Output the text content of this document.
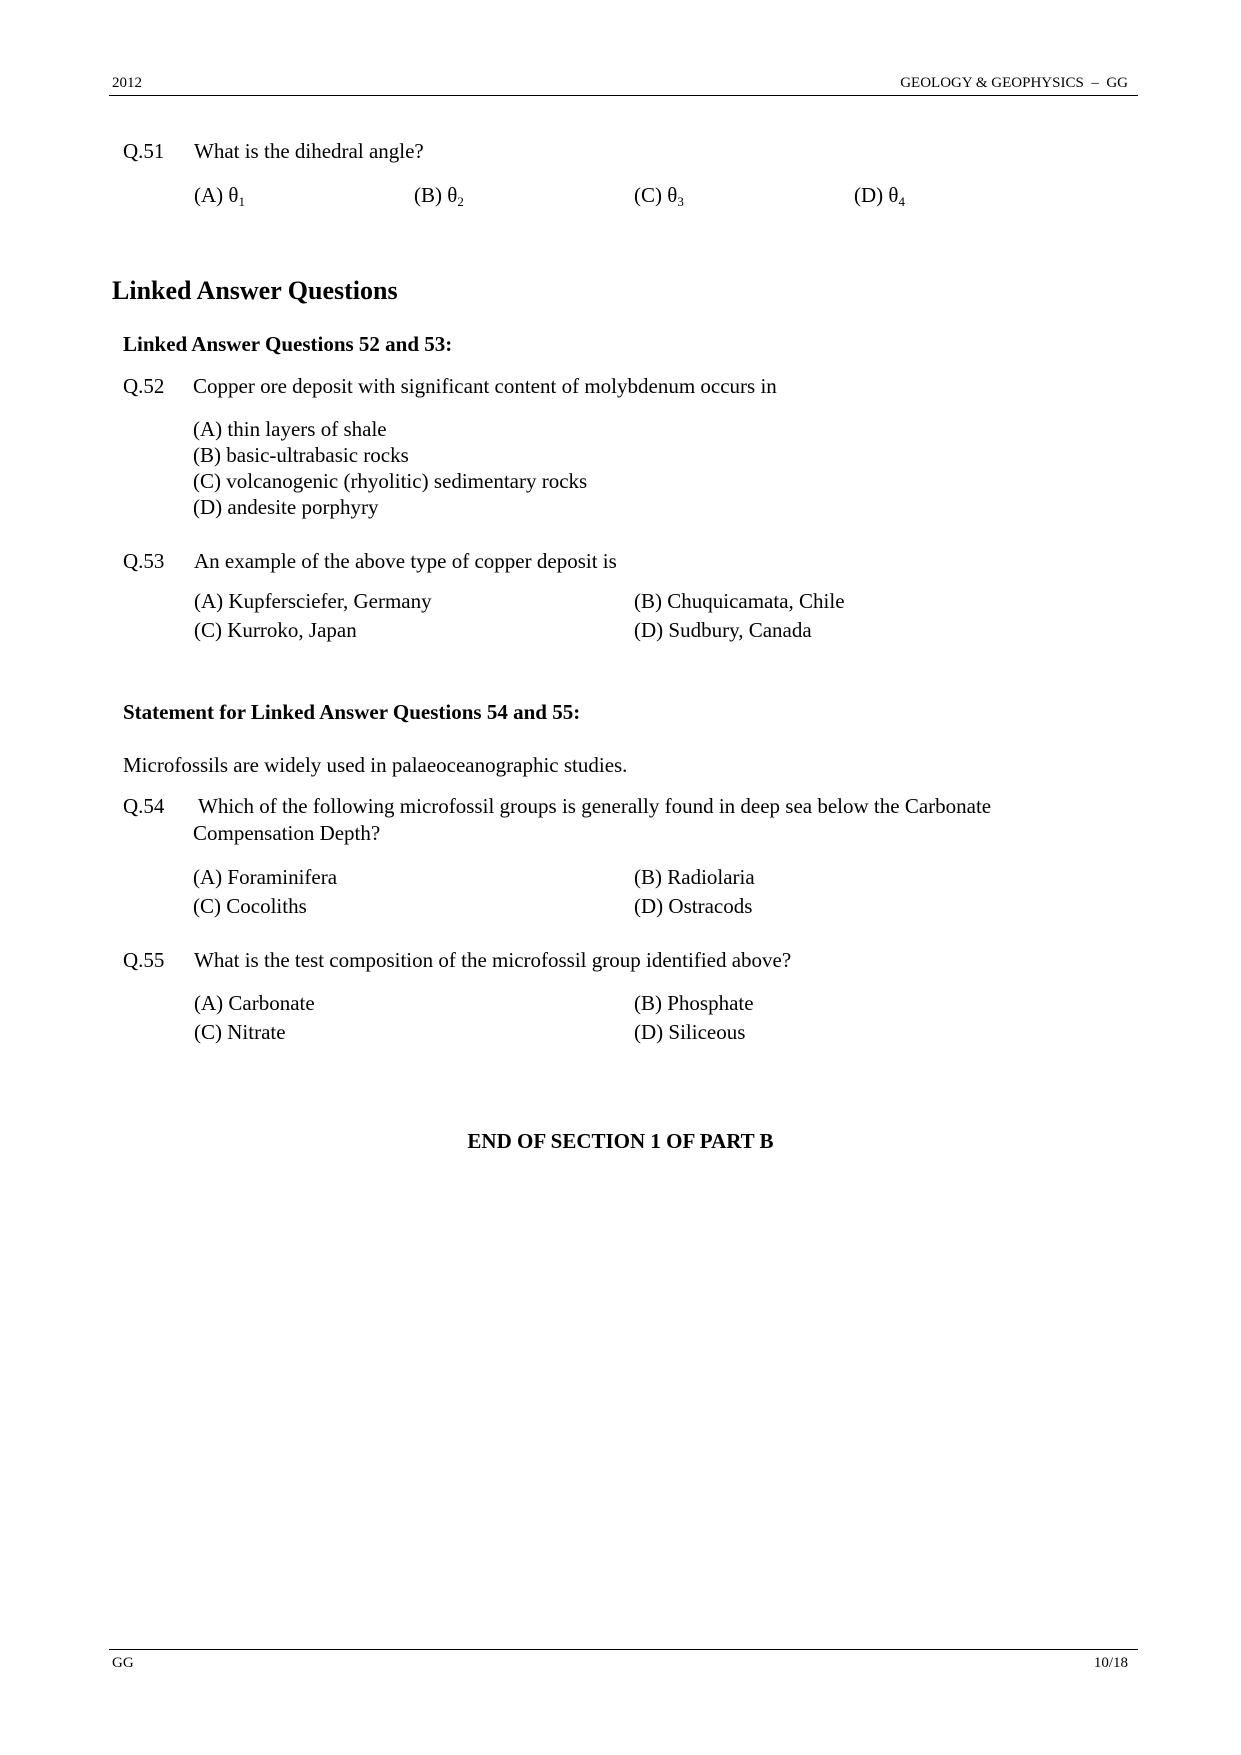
2012	GEOLOGY & GEOPHYSICS  –  GG
Q.51 What is the dihedral angle?
(A) $\theta_1$	(B) $\theta_2$	(C) $\theta_3$	(D) $\theta_4$
Linked Answer Questions
Linked Answer Questions 52 and 53:
Q.52 Copper ore deposit with significant content of molybdenum occurs in
(A) thin layers of shale
(B) basic-ultrabasic rocks
(C) volcanogenic (rhyolitic) sedimentary rocks
(D) andesite porphyry
Q.53 An example of the above type of copper deposit is
(A) Kupfersciefer, Germany	(B) Chuquicamata, Chile
(C) Kurroko, Japan	(D) Sudbury, Canada
Statement for Linked Answer Questions 54 and 55:
Microfossils are widely used in palaeoceanographic studies.
Q.54 Which of the following microfossil groups is generally found in deep sea below the Carbonate
Compensation Depth?
(A) Foraminifera	(B) Radiolaria
(C) Cocoliths	(D) Ostracods
Q.55 What is the test composition of the microfossil group identified above?
(A) Carbonate	(B) Phosphate
(C) Nitrate	(D) Siliceous
END OF SECTION 1 OF PART B
GG	10/18
